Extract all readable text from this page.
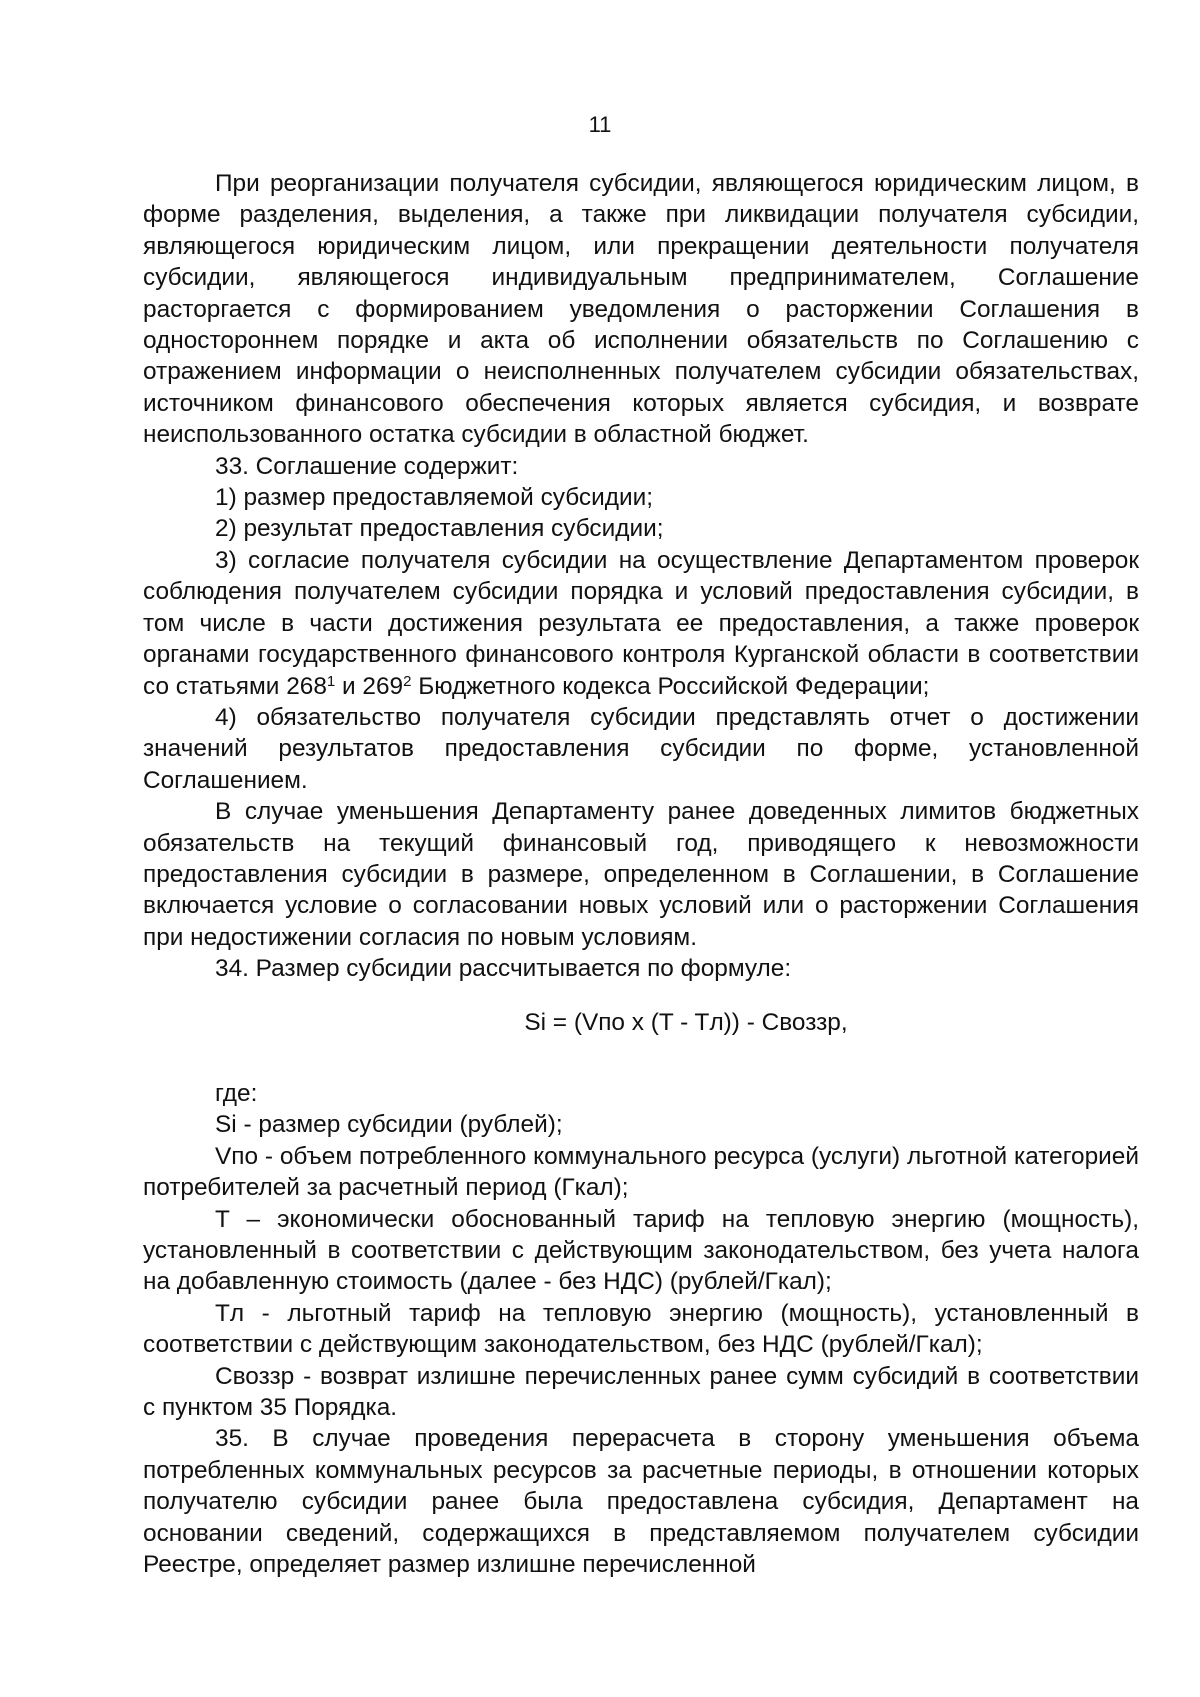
11

При реорганизации получателя субсидии, являющегося юридическим лицом, в форме разделения, выделения, а также при ликвидации получателя субсидии, являющегося юридическим лицом, или прекращении деятельности получателя субсидии, являющегося индивидуальным предпринимателем, Соглашение расторгается с формированием уведомления о расторжении Соглашения в одностороннем порядке и акта об исполнении обязательств по Соглашению с отражением информации о неисполненных получателем субсидии обязательствах, источником финансового обеспечения которых является субсидия, и возврате неиспользованного остатка субсидии в областной бюджет.

33. Соглашение содержит:

1) размер предоставляемой субсидии;

2) результат предоставления субсидии;

3) согласие получателя субсидии на осуществление Департаментом проверок соблюдения получателем субсидии порядка и условий предоставления субсидии, в том числе в части достижения результата ее предоставления, а также проверок органами государственного финансового контроля Курганской области в соответствии со статьями $268^1$ и $269^2$ Бюджетного кодекса Российской Федерации;

4) обязательство получателя субсидии представлять отчет о достижении значений результатов предоставления субсидии по форме, установленной Соглашением.

В случае уменьшения Департаменту ранее доведенных лимитов бюджетных обязательств на текущий финансовый год, приводящего к невозможности предоставления субсидии в размере, определенном в Соглашении, в Соглашение включается условие о согласовании новых условий или о расторжении Соглашения при недостижении согласия по новым условиям.

34. Размер субсидии рассчитывается по формуле:

Si = (Vпо x (T - Tл)) - Своззр,

где:

Si - размер субсидии (рублей);

Vпо - объем потребленного коммунального ресурса (услуги) льготной категорией потребителей за расчетный период (Гкал);

T – экономически обоснованный тариф на тепловую энергию (мощность), установленный в соответствии с действующим законодательством, без учета налога на добавленную стоимость (далее - без НДС) (рублей/Гкал);

Tл - льготный тариф на тепловую энергию (мощность), установленный в соответствии с действующим законодательством, без НДС (рублей/Гкал);

Своззр - возврат излишне перечисленных ранее сумм субсидий в соответствии с пунктом 35 Порядка.

35. В случае проведения перерасчета в сторону уменьшения объема потребленных коммунальных ресурсов за расчетные периоды, в отношении которых получателю субсидии ранее была предоставлена субсидия, Департамент на основании сведений, содержащихся в представляемом получателем субсидии Реестре, определяет размер излишне перечисленной
